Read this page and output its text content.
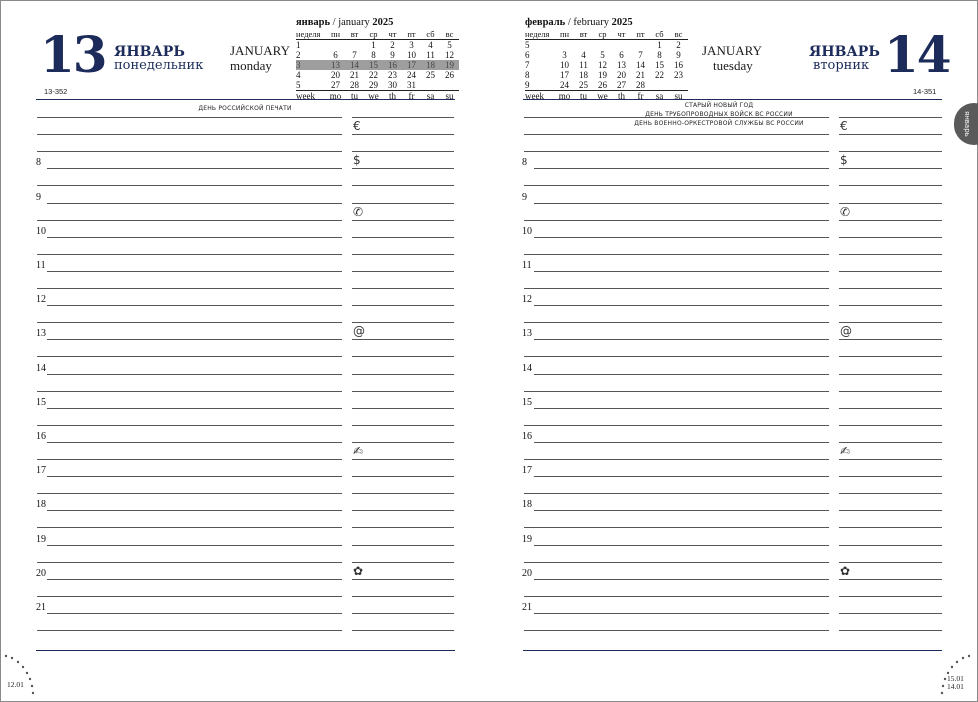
13 ЯНВАРЬ
понедельник
JANUARY
monday
13-352
январь / january 2025
неделя	пн	вт	ср	чт	пт	сб	вс
1			1	2	3	4	5
2	6	7	8	9	10	11	12
3	13	14	15	16	17	18	19
4	20	21	22	23	24	25	26
5	27	28	29	30	31		
week	mo	tu	we	th	fr	sa	su
ДЕНЬ РОССИЙСКОЙ ПЕЧАТИ
€
$
8
9
✆
10
11
12
@
13
14
15
16
✍
17
18
19
✿
20
21
12.01
февраль / february 2025
неделя	пн	вт	ср	чт	пт	сб	вс
5						1	2
6	3	4	5	6	7	8	9
7	10	11	12	13	14	15	16
8	17	18	19	20	21	22	23
9	24	25	26	27	28		
week	mo	tu	we	th	fr	sa	su
JANUARY
tuesday
ЯНВАРЬ
вторник 14
14-351
СТАРЫЙ НОВЫЙ ГОД
ДЕНЬ ТРУБОПРОВОДНЫХ ВОЙСК ВС РОССИИ
ДЕНЬ ВОЕННО-ОРКЕСТРОВОЙ СЛУЖБЫ ВС РОССИИ	€
$
8
9
✆
10
11
12
@
13
14
15
16
✍
17
18
19
✿
20
21
15.01
14.01
январь
